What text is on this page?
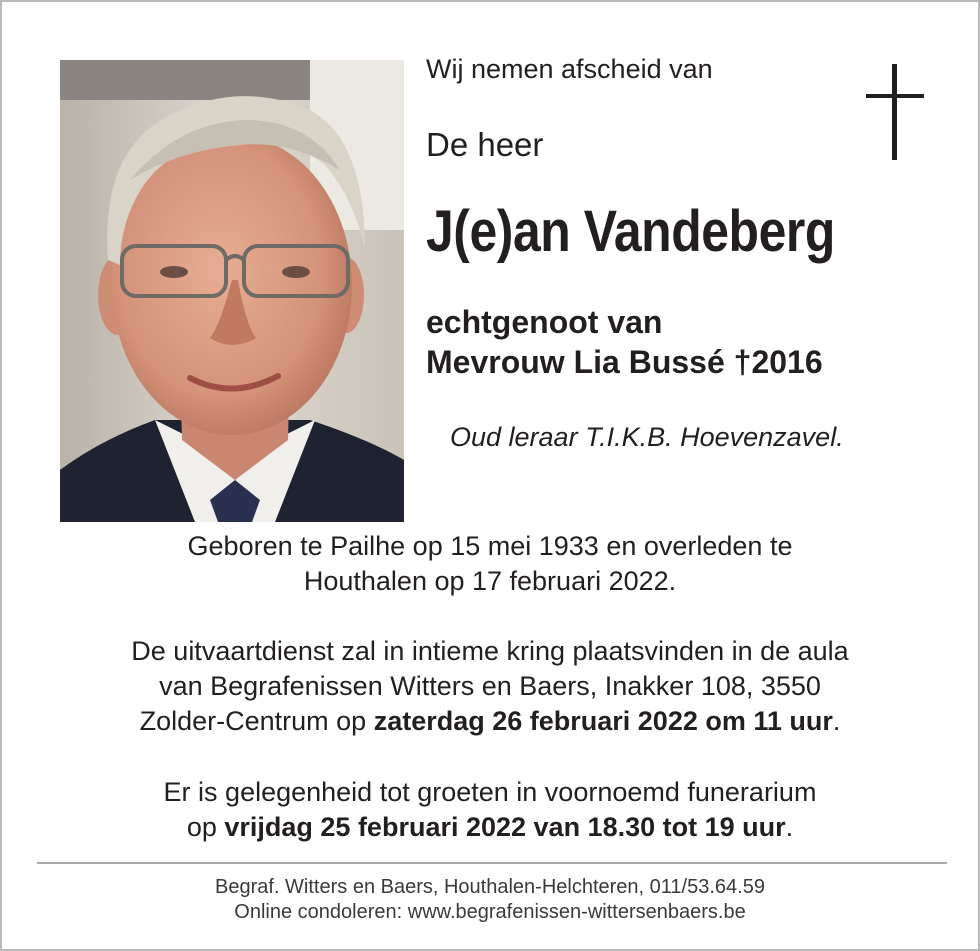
Wij nemen afscheid van
De heer
J(e)an Vandeberg
echtgenoot van
Mevrouw Lia Bussé †2016
Oud leraar T.I.K.B. Hoevenzavel.
Geboren te Pailhe op 15 mei 1933 en overleden te
Houthalen op 17 februari 2022.
De uitvaartdienst zal in intieme kring plaatsvinden in de aula
van Begrafenissen Witters en Baers, Inakker 108, 3550
Zolder-Centrum op zaterdag 26 februari 2022 om 11 uur.
Er is gelegenheid tot groeten in voornoemd funerarium
op vrijdag 25 februari 2022 van 18.30 tot 19 uur.
Begraf. Witters en Baers, Houthalen-Helchteren, 011/53.64.59
Online condoleren: www.begrafenissen-wittersenbaers.be
